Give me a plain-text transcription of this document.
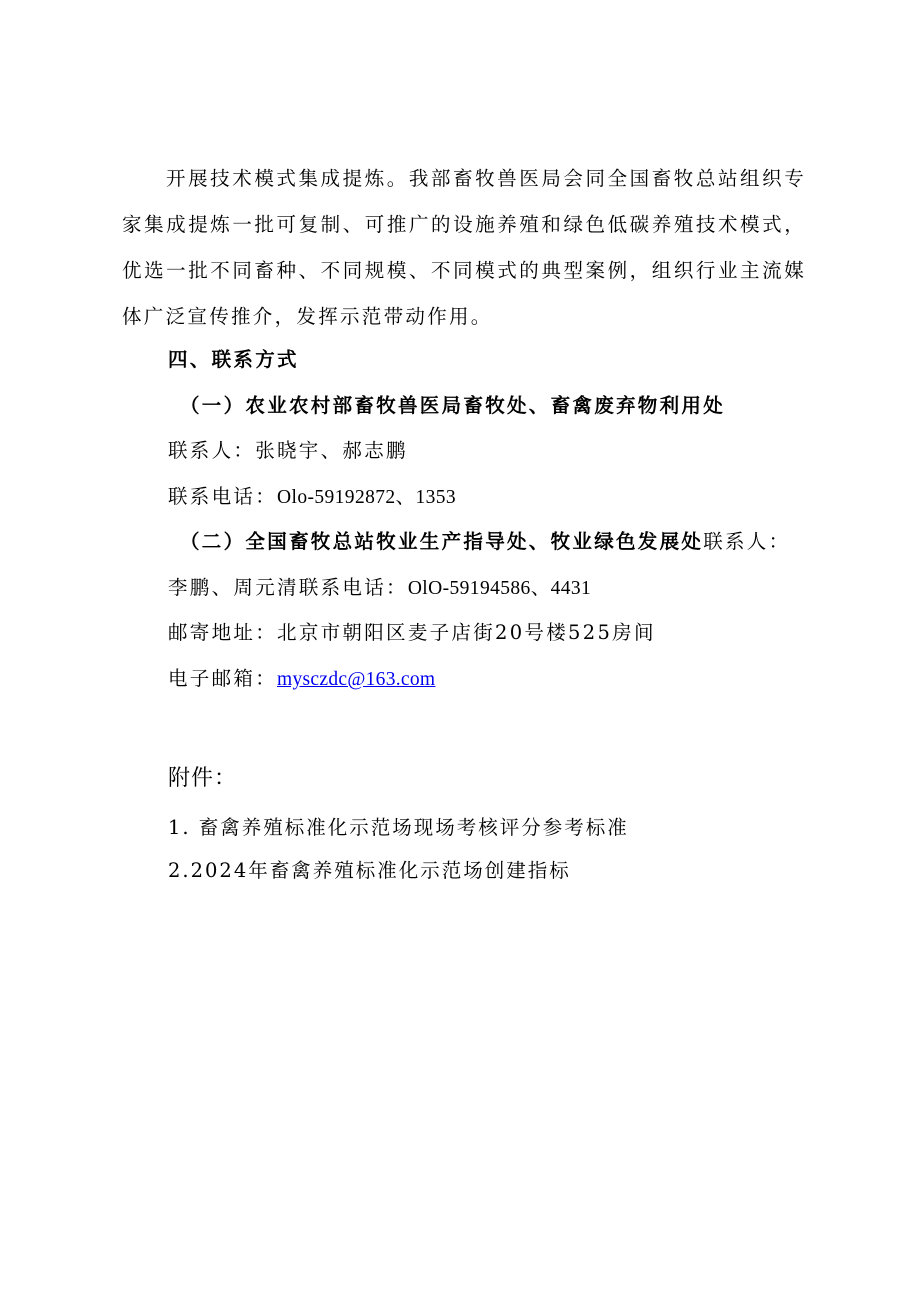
开展技术模式集成提炼。我部畜牧兽医局会同全国畜牧总站组织专家集成提炼一批可复制、可推广的设施养殖和绿色低碳养殖技术模式，优选一批不同畜种、不同规模、不同模式的典型案例，组织行业主流媒体广泛宣传推介，发挥示范带动作用。

四、联系方式

（一）农业农村部畜牧兽医局畜牧处、畜禽废弃物利用处

联系人：张晓宇、郝志鹏

联系电话：Olo-59192872、1353

（二）全国畜牧总站牧业生产指导处、牧业绿色发展处联系人：

李鹏、周元清联系电话：OlO-59194586、4431

邮寄地址：北京市朝阳区麦子店街20号楼525房间

电子邮箱：mysczdc@163.com

附件：

1. 畜禽养殖标准化示范场现场考核评分参考标准

2.2024年畜禽养殖标准化示范场创建指标
